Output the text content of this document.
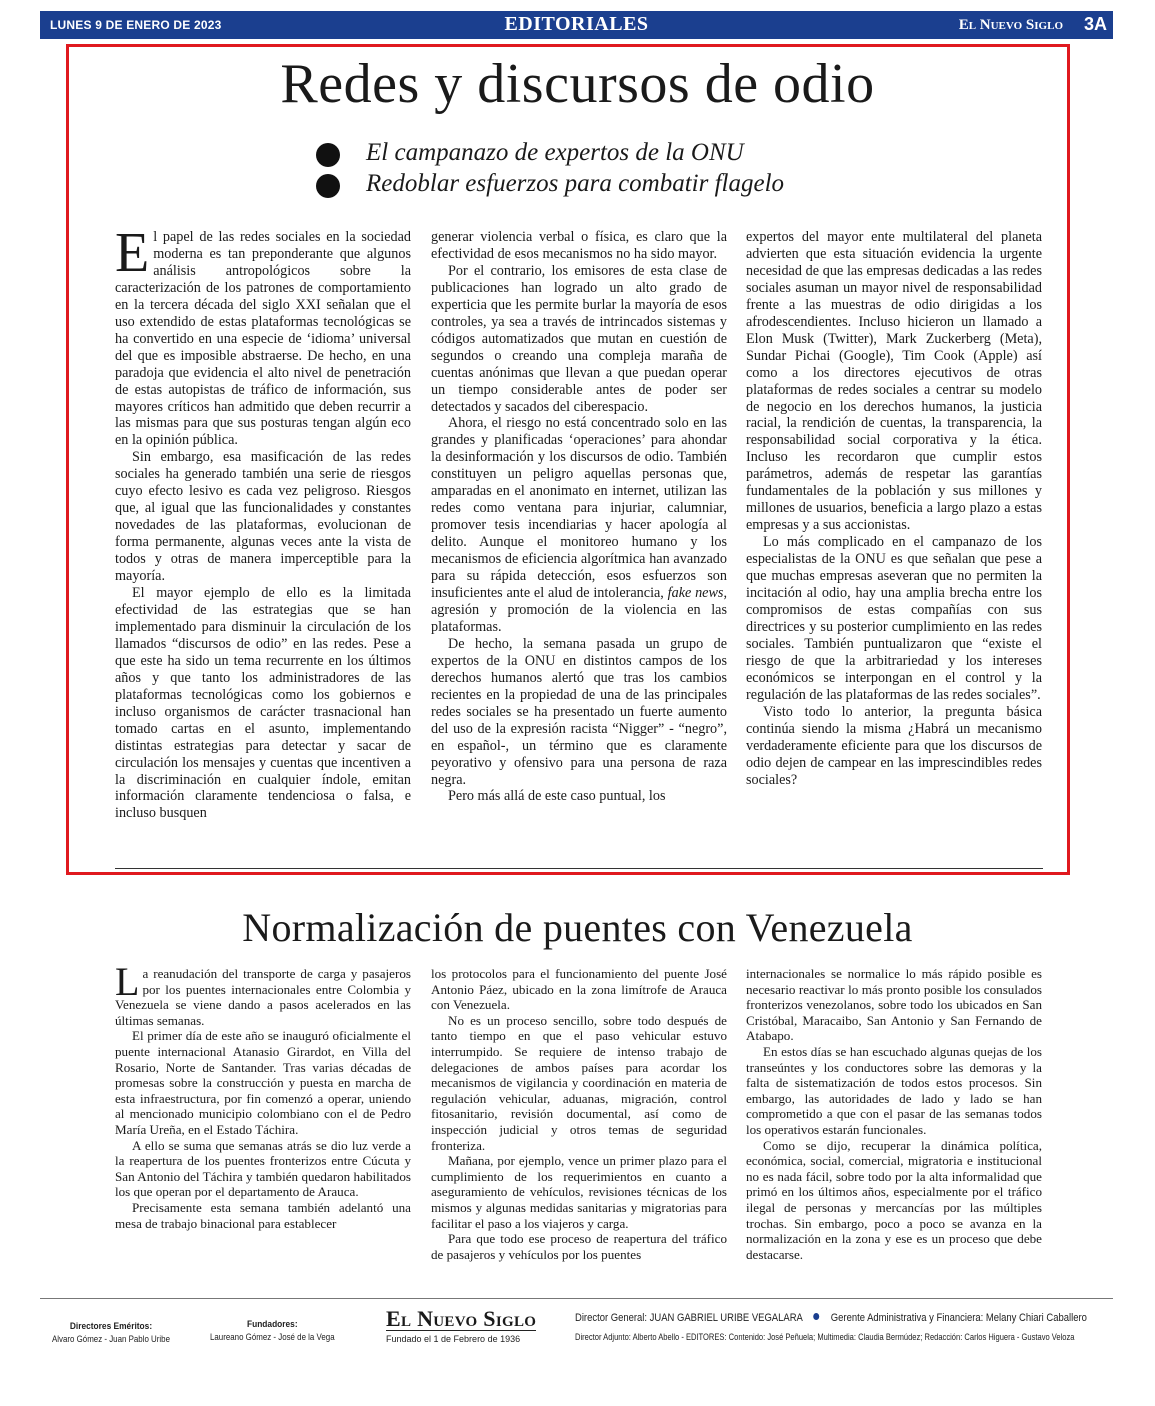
LUNES 9 DE ENERO DE 2023	EDITORIALES	El Nuevo Siglo 3A
Redes y discursos de odio
El campanazo de expertos de la ONU
Redoblar esfuerzos para combatir flagelo

El papel de las redes sociales en la sociedad moderna es tan preponderante que algunos análisis antropológicos sobre la caracterización de los patrones de comportamiento en la tercera década del siglo XXI señalan que el uso extendido de estas plataformas tecnológicas se ha convertido en una especie de ‘idioma’ universal del que es imposible abstraerse. De hecho, en una paradoja que evidencia el alto nivel de penetración de estas autopistas de tráfico de información, sus mayores críticos han admitido que deben recurrir a las mismas para que sus posturas tengan algún eco en la opinión pública.

Sin embargo, esa masificación de las redes sociales ha generado también una serie de riesgos cuyo efecto lesivo es cada vez peligroso. Riesgos que, al igual que las funcionalidades y constantes novedades de las plataformas, evolucionan de forma permanente, algunas veces ante la vista de todos y otras de manera imperceptible para la mayoría.

El mayor ejemplo de ello es la limitada efectividad de las estrategias que se han implementado para disminuir la circulación de los llamados “discursos de odio” en las redes. Pese a que este ha sido un tema recurrente en los últimos años y que tanto los administradores de las plataformas tecnológicas como los gobiernos e incluso organismos de carácter trasnacional han tomado cartas en el asunto, implementando distintas estrategias para detectar y sacar de circulación los mensajes y cuentas que incentiven a la discriminación en cualquier índole, emitan información claramente tendenciosa o falsa, e incluso busquen

generar violencia verbal o física, es claro que la efectividad de esos mecanismos no ha sido mayor.

Por el contrario, los emisores de esta clase de publicaciones han logrado un alto grado de experticia que les permite burlar la mayoría de esos controles, ya sea a través de intrincados sistemas y códigos automatizados que mutan en cuestión de segundos o creando una compleja maraña de cuentas anónimas que llevan a que puedan operar un tiempo considerable antes de poder ser detectados y sacados del ciberespacio.

Ahora, el riesgo no está concentrado solo en las grandes y planificadas ‘operaciones’ para ahondar la desinformación y los discursos de odio. También constituyen un peligro aquellas personas que, amparadas en el anonimato en internet, utilizan las redes como ventana para injuriar, calumniar, promover tesis incendiarias y hacer apología al delito. Aunque el monitoreo humano y los mecanismos de eficiencia algorítmica han avanzado para su rápida detección, esos esfuerzos son insuficientes ante el alud de intolerancia, fake news, agresión y promoción de la violencia en las plataformas.

De hecho, la semana pasada un grupo de expertos de la ONU en distintos campos de los derechos humanos alertó que tras los cambios recientes en la propiedad de una de las principales redes sociales se ha presentado un fuerte aumento del uso de la expresión racista “Nigger” - “negro”, en español-, un término que es claramente peyorativo y ofensivo para una persona de raza negra.

Pero más allá de este caso puntual, los

expertos del mayor ente multilateral del planeta advierten que esta situación evidencia la urgente necesidad de que las empresas dedicadas a las redes sociales asuman un mayor nivel de responsabilidad frente a las muestras de odio dirigidas a los afrodescendientes. Incluso hicieron un llamado a Elon Musk (Twitter), Mark Zuckerberg (Meta), Sundar Pichai (Google), Tim Cook (Apple) así como a los directores ejecutivos de otras plataformas de redes sociales a centrar su modelo de negocio en los derechos humanos, la justicia racial, la rendición de cuentas, la transparencia, la responsabilidad social corporativa y la ética. Incluso les recordaron que cumplir estos parámetros, además de respetar las garantías fundamentales de la población y sus millones y millones de usuarios, beneficia a largo plazo a estas empresas y a sus accionistas.

Lo más complicado en el campanazo de los especialistas de la ONU es que señalan que pese a que muchas empresas aseveran que no permiten la incitación al odio, hay una amplia brecha entre los compromisos de estas compañías con sus directrices y su posterior cumplimiento en las redes sociales. También puntualizaron que “existe el riesgo de que la arbitrariedad y los intereses económicos se interpongan en el control y la regulación de las plataformas de las redes sociales”.

Visto todo lo anterior, la pregunta básica continúa siendo la misma ¿Habrá un mecanismo verdaderamente eficiente para que los discursos de odio dejen de campear en las imprescindibles redes sociales?

Normalización de puentes con Venezuela

La reanudación del transporte de carga y pasajeros por los puentes internacionales entre Colombia y Venezuela se viene dando a pasos acelerados en las últimas semanas.

El primer día de este año se inauguró oficialmente el puente internacional Atanasio Girardot, en Villa del Rosario, Norte de Santander. Tras varias décadas de promesas sobre la construcción y puesta en marcha de esta infraestructura, por fin comenzó a operar, uniendo al mencionado municipio colombiano con el de Pedro María Ureña, en el Estado Táchira.

A ello se suma que semanas atrás se dio luz verde a la reapertura de los puentes fronterizos entre Cúcuta y San Antonio del Táchira y también quedaron habilitados los que operan por el departamento de Arauca.

Precisamente esta semana también adelantó una mesa de trabajo binacional para establecer

los protocolos para el funcionamiento del puente José Antonio Páez, ubicado en la zona limítrofe de Arauca con Venezuela.

No es un proceso sencillo, sobre todo después de tanto tiempo en que el paso vehicular estuvo interrumpido. Se requiere de intenso trabajo de delegaciones de ambos países para acordar los mecanismos de vigilancia y coordinación en materia de regulación vehicular, aduanas, migración, control fitosanitario, revisión documental, así como de inspección judicial y otros temas de seguridad fronteriza.

Mañana, por ejemplo, vence un primer plazo para el cumplimiento de los requerimientos en cuanto a aseguramiento de vehículos, revisiones técnicas de los mismos y algunas medidas sanitarias y migratorias para facilitar el paso a los viajeros y carga.

Para que todo ese proceso de reapertura del tráfico de pasajeros y vehículos por los puentes

internacionales se normalice lo más rápido posible es necesario reactivar lo más pronto posible los consulados fronterizos venezolanos, sobre todo los ubicados en San Cristóbal, Maracaibo, San Antonio y San Fernando de Atabapo.

En estos días se han escuchado algunas quejas de los transeúntes y los conductores sobre las demoras y la falta de sistematización de todos estos procesos. Sin embargo, las autoridades de lado y lado se han comprometido a que con el pasar de las semanas todos los operativos estarán funcionales.

Como se dijo, recuperar la dinámica política, económica, social, comercial, migratoria e institucional no es nada fácil, sobre todo por la alta informalidad que primó en los últimos años, especialmente por el tráfico ilegal de personas y mercancías por las múltiples trochas. Sin embargo, poco a poco se avanza en la normalización en la zona y ese es un proceso que debe destacarse.

Directores Eméritos:
Alvaro Gómez - Juan Pablo Uribe
Fundadores:
Laureano Gómez - José de la Vega
El Nuevo Siglo
Fundado el 1 de Febrero de 1936
Director General: JUAN GABRIEL URIBE VEGALARA	Gerente Administrativa y Financiera: Melany Chiari Caballero
Director Adjunto: Alberto Abello - EDITORES: Contenido: José Peñuela; Multimedia: Claudia Bermúdez; Redacción: Carlos Higuera - Gustavo Veloza
